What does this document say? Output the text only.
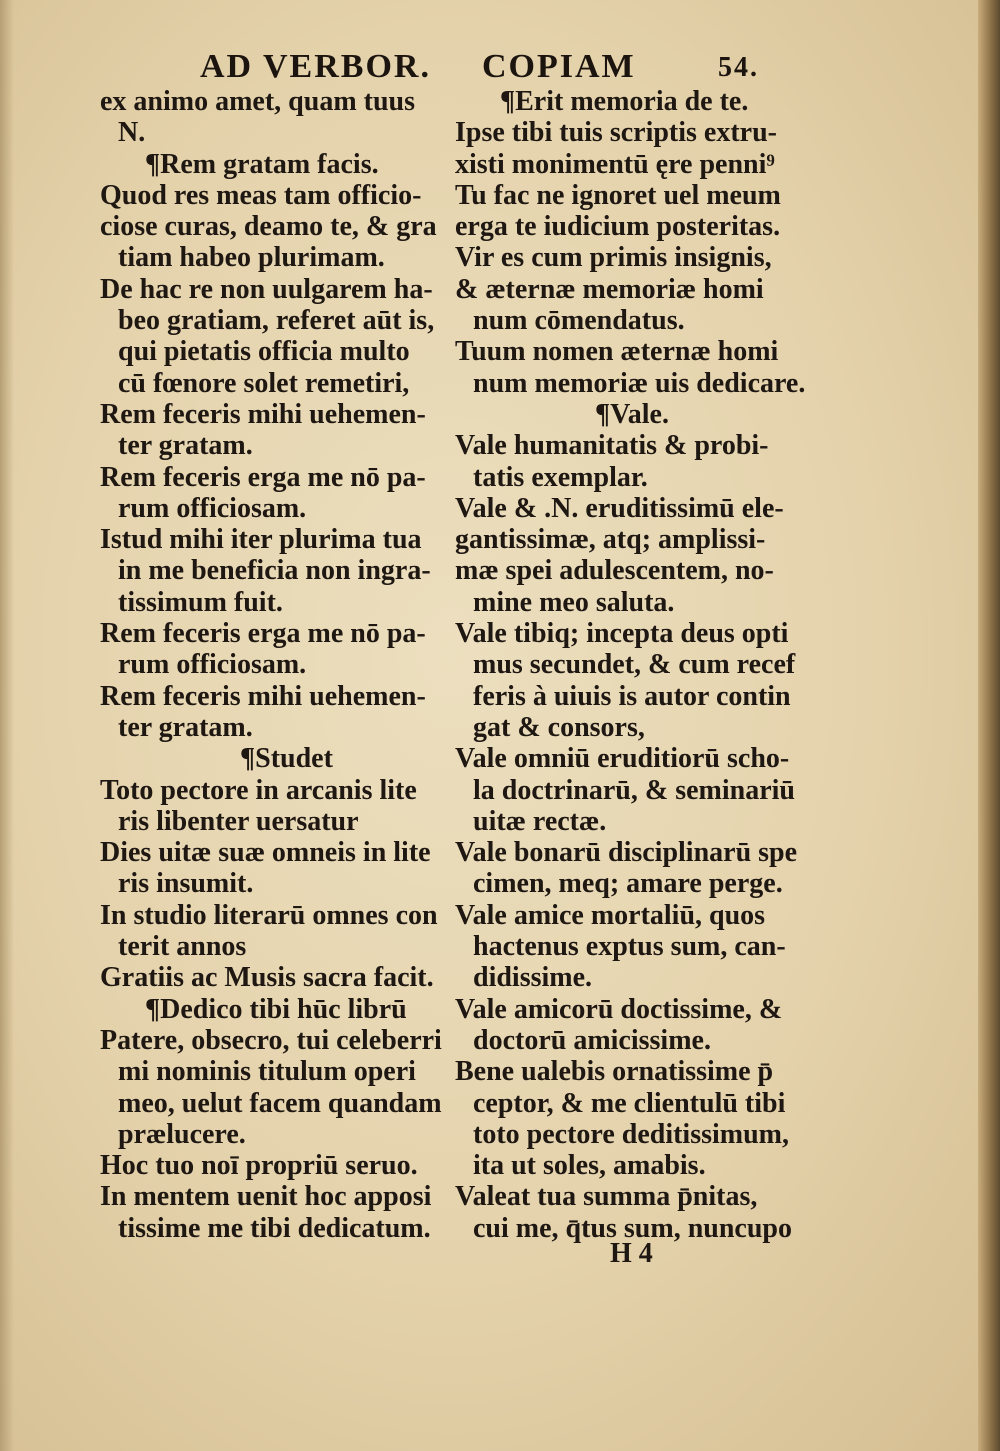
AD VERBOR. COPIAM	54.
ex animo amet, quam tuus
N.
¶Rem gratam facis.
Quod res meas tam officio-
ciose curas, deamo te, & gra
tiam habeo plurimam.
De hac re non uulgarem ha-
beo gratiam, referet aūt is,
qui pietatis officia multo
cū fœnore solet remetiri,
Rem feceris mihi uehemen-
ter gratam.
Rem feceris erga me nō pa-
rum officiosam.
Istud mihi iter plurima tua
in me beneficia non ingra-
tissimum fuit.
Rem feceris erga me nō pa-
rum officiosam.
Rem feceris mihi uehemen-
ter gratam.
¶Studet
Toto pectore in arcanis lite
ris libenter uersatur
Dies uitæ suæ omneis in lite
ris insumit.
In studio literarū omnes con
terit annos
Gratiis ac Musis sacra facit.
¶Dedico tibi hūc librū
Patere, obsecro, tui celeberri
mi nominis titulum operi
meo, uelut facem quandam
prælucere.
Hoc tuo noī propriū seruo.
In mentem uenit hoc apposi
tissime me tibi dedicatum.
¶Erit memoria de te.
Ipse tibi tuis scriptis extru-
xisti monimentū ęre penni⁹
Tu fac ne ignoret uel meum
erga te iudicium posteritas.
Vir es cum primis insignis,
& æternæ memoriæ homi
num cōmendatus.
Tuum nomen æternæ homi
num memoriæ uis dedicare.
¶Vale.
Vale humanitatis & probi-
tatis exemplar.
Vale & .N. eruditissimū ele-
gantissimæ, atq; amplissi-
mæ spei adulescentem, no-
mine meo saluta.
Vale tibiq; incepta deus opti
mus secundet, & cum recef
feris à uiuis is autor contin
gat & consors,
Vale omniū eruditiorū scho-
la doctrinarū, & seminariū
uitæ rectæ.
Vale bonarū disciplinarū spe
cimen, meq; amare perge.
Vale amice mortaliū, quos
hactenus exptus sum, can-
didissime.
Vale amicorū doctissime, &
doctorū amicissime.
Bene ualebis ornatissime p̄
ceptor, & me clientulū tibi
toto pectore deditissimum,
ita ut soles, amabis.
Valeat tua summa p̄nitas,
cui me, q̄tus sum, nuncupo
H 4
